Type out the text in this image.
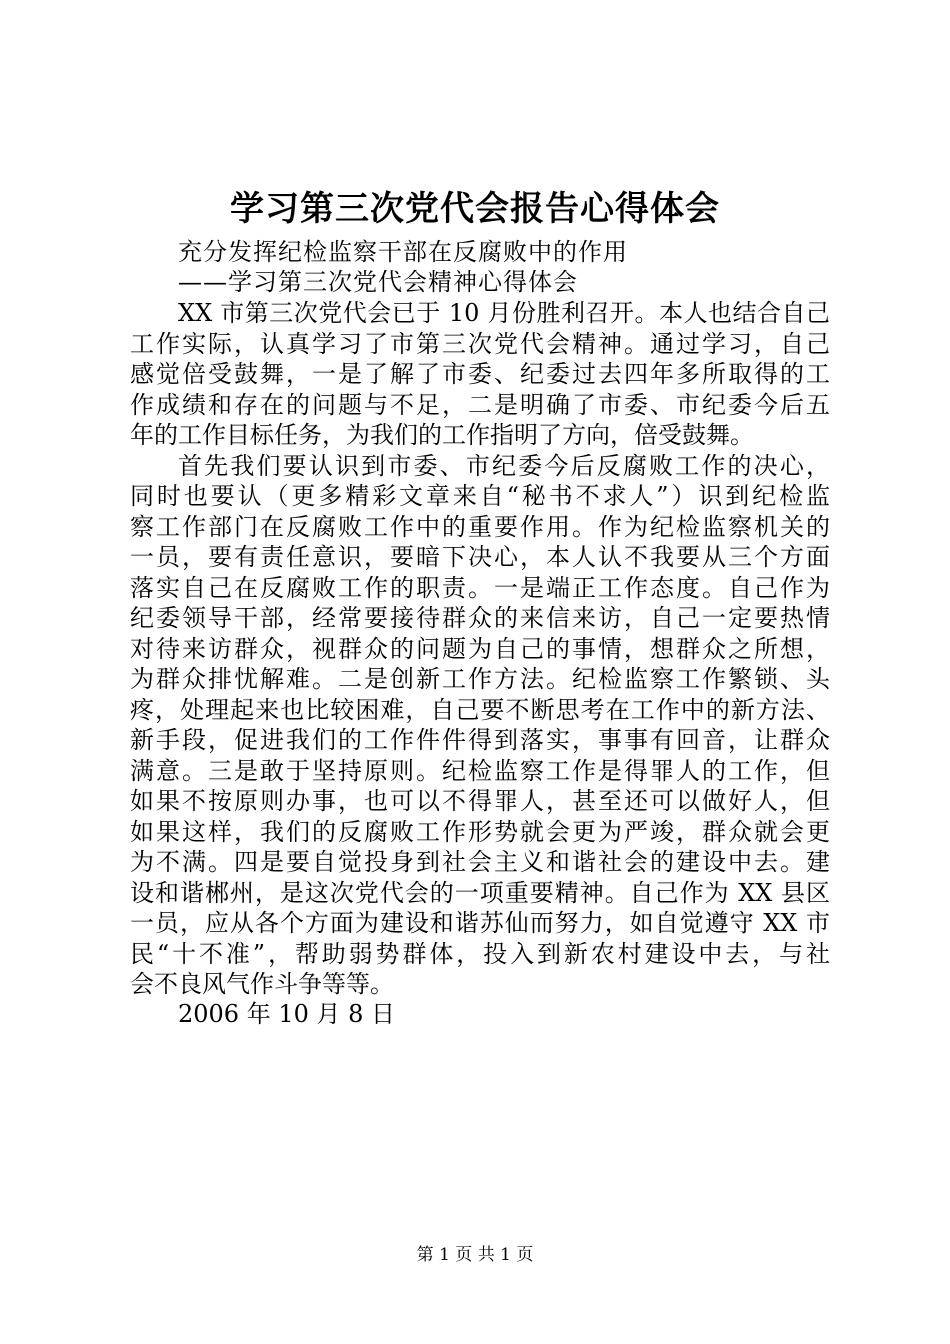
学习第三次党代会报告心得体会
充分发挥纪检监察干部在反腐败中的作用
——学习第三次党代会精神心得体会
XX 市第三次党代会已于 10 月份胜利召开。本人也结合自己
工作实际，认真学习了市第三次党代会精神。通过学习，自己
感觉倍受鼓舞，一是了解了市委、纪委过去四年多所取得的工
作成绩和存在的问题与不足，二是明确了市委、市纪委今后五
年的工作目标任务，为我们的工作指明了方向，倍受鼓舞。
首先我们要认识到市委、市纪委今后反腐败工作的决心，
同时也要认（更多精彩文章来自“秘书不求人”）识到纪检监
察工作部门在反腐败工作中的重要作用。作为纪检监察机关的
一员，要有责任意识，要暗下决心，本人认不我要从三个方面
落实自己在反腐败工作的职责。一是端正工作态度。自己作为
纪委领导干部，经常要接待群众的来信来访，自己一定要热情
对待来访群众，视群众的问题为自己的事情，想群众之所想，
为群众排忧解难。二是创新工作方法。纪检监察工作繁锁、头
疼，处理起来也比较困难，自己要不断思考在工作中的新方法、
新手段，促进我们的工作件件得到落实，事事有回音，让群众
满意。三是敢于坚持原则。纪检监察工作是得罪人的工作，但
如果不按原则办事，也可以不得罪人，甚至还可以做好人，但
如果这样，我们的反腐败工作形势就会更为严竣，群众就会更
为不满。四是要自觉投身到社会主义和谐社会的建设中去。建
设和谐郴州，是这次党代会的一项重要精神。自己作为 XX 县区
一员，应从各个方面为建设和谐苏仙而努力，如自觉遵守 XX 市
民“十不准”，帮助弱势群体，投入到新农村建设中去，与社
会不良风气作斗争等等。
2006 年 10 月 8 日
第 1 页 共 1 页
